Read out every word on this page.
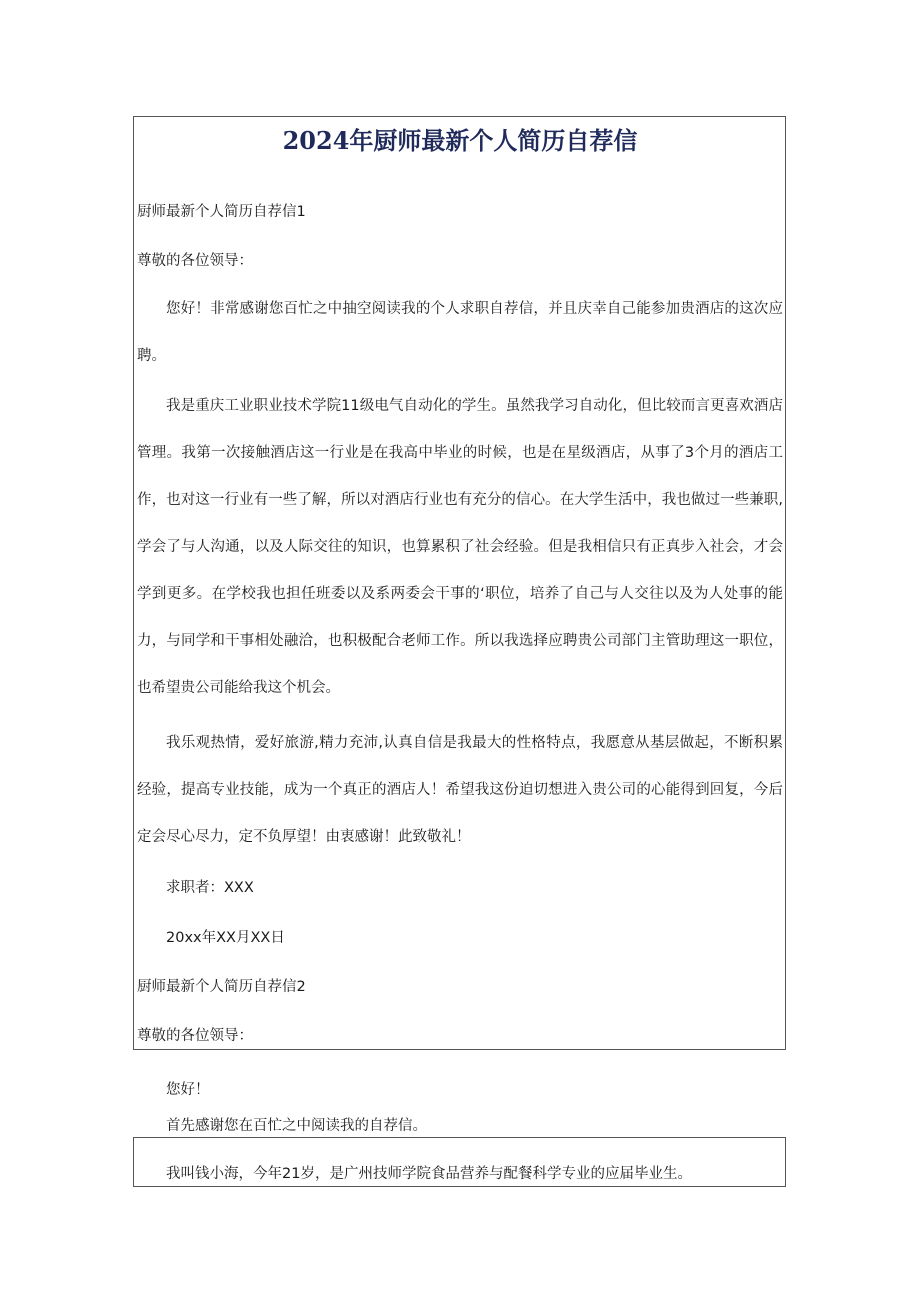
2024年厨师最新个人简历自荐信

厨师最新个人简历自荐信1

尊敬的各位领导：

您好！非常感谢您百忙之中抽空阅读我的个人求职自荐信，并且庆幸自己能参加贵酒店的这次应聘。

我是重庆工业职业技术学院11级电气自动化的学生。虽然我学习自动化，但比较而言更喜欢酒店管理。我第一次接触酒店这一行业是在我高中毕业的时候，也是在星级酒店，从事了3个月的酒店工作，也对这一行业有一些了解，所以对酒店行业也有充分的信心。在大学生活中，我也做过一些兼职,学会了与人沟通，以及人际交往的知识，也算累积了社会经验。但是我相信只有正真步入社会，才会学到更多。在学校我也担任班委以及系两委会干事的‘职位，培养了自己与人交往以及为人处事的能力，与同学和干事相处融洽，也积极配合老师工作。所以我选择应聘贵公司部门主管助理这一职位，也希望贵公司能给我这个机会。

我乐观热情，爱好旅游,精力充沛,认真自信是我最大的性格特点，我愿意从基层做起，不断积累经验，提高专业技能，成为一个真正的酒店人！希望我这份迫切想进入贵公司的心能得到回复，今后定会尽心尽力，定不负厚望！由衷感谢！此致敬礼！

求职者：XXX

20xx年XX月XX日

厨师最新个人简历自荐信2

尊敬的各位领导：

您好！

首先感谢您在百忙之中阅读我的自荐信。

我叫钱小海，今年21岁，是广州技师学院食品营养与配餐科学专业的应届毕业生。
